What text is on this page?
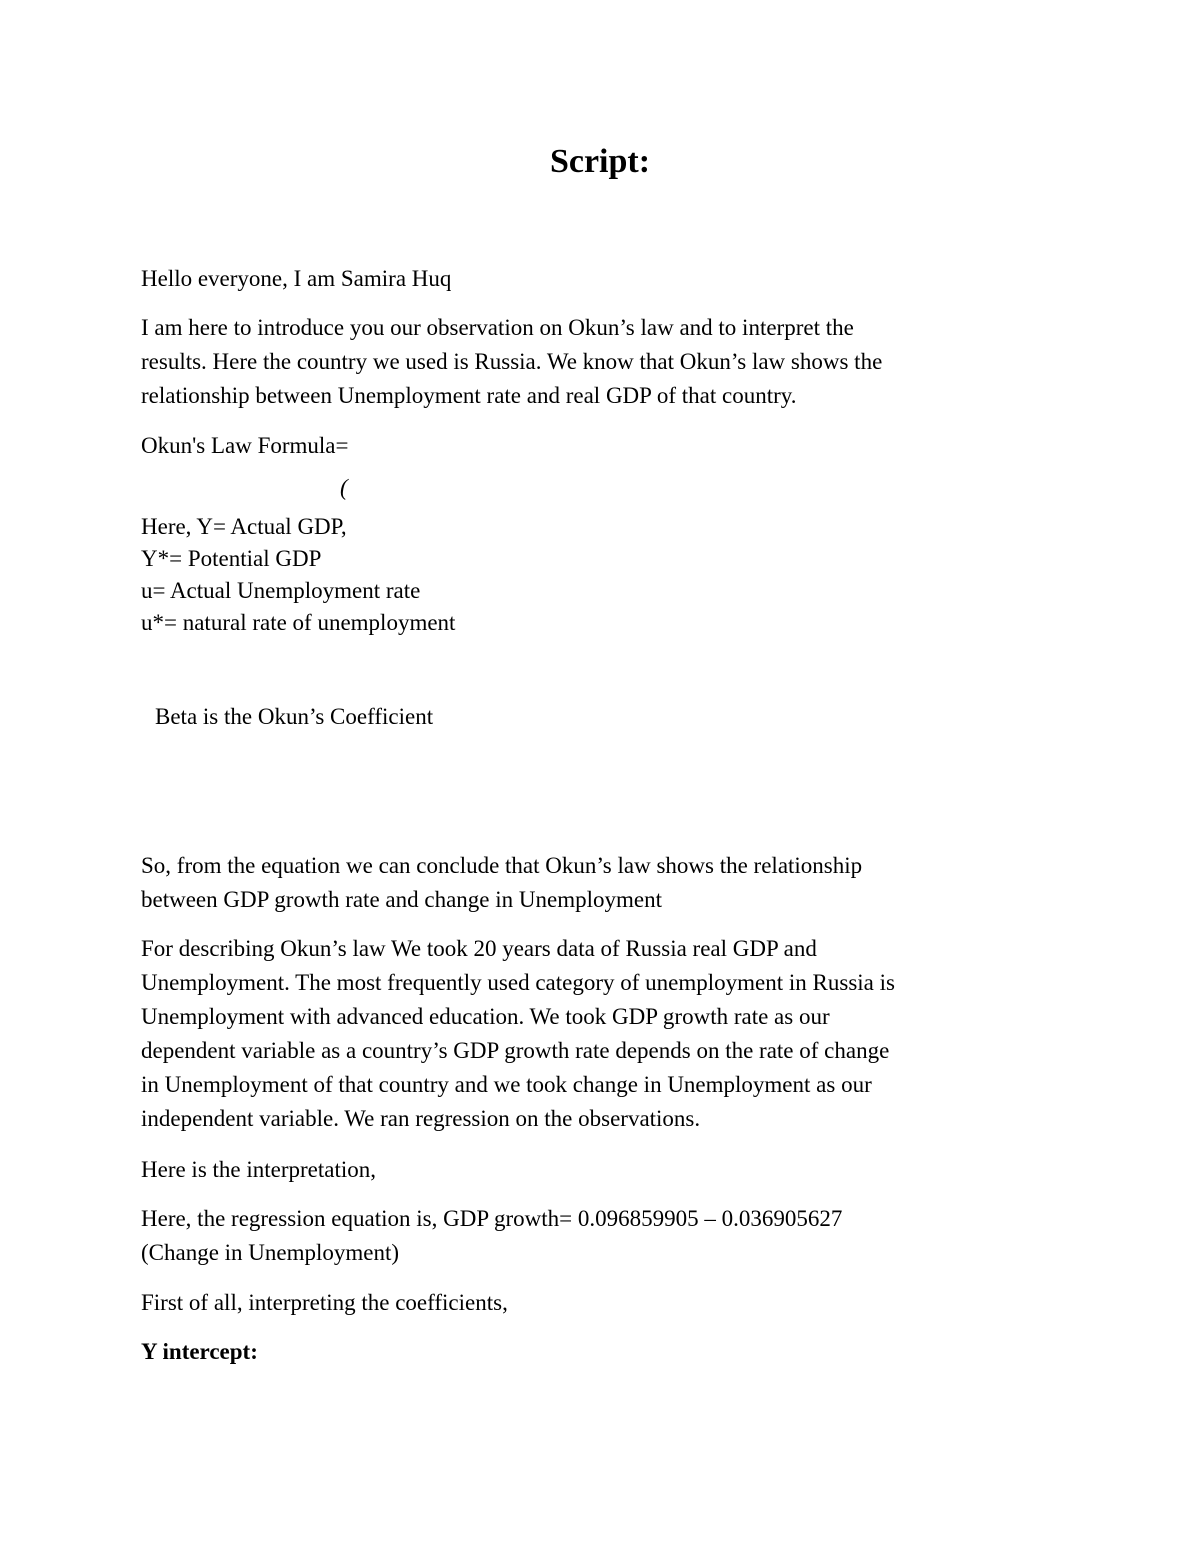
Script:
Hello everyone, I am Samira Huq
I am here to introduce you our observation on Okun’s law and to interpret the
results. Here the country we used is Russia. We know that Okun’s law shows the
relationship between Unemployment rate and real GDP of that country.
Okun's Law Formula=
(
Here, Y= Actual GDP,
Y*= Potential GDP
u= Actual Unemployment rate
u*= natural rate of unemployment
Beta is the Okun’s Coefficient
So, from the equation we can conclude that Okun’s law shows the relationship
between GDP growth rate and change in Unemployment
For describing Okun’s law We took 20 years data of Russia real GDP and
Unemployment. The most frequently used category of unemployment in Russia is
Unemployment with advanced education. We took GDP growth rate as our
dependent variable as a country’s GDP growth rate depends on the rate of change
in Unemployment of that country and we took change in Unemployment as our
independent variable. We ran regression on the observations.
Here is the interpretation,
Here, the regression equation is, GDP growth= 0.096859905 – 0.036905627
(Change in Unemployment)
First of all, interpreting the coefficients,
Y intercept:
